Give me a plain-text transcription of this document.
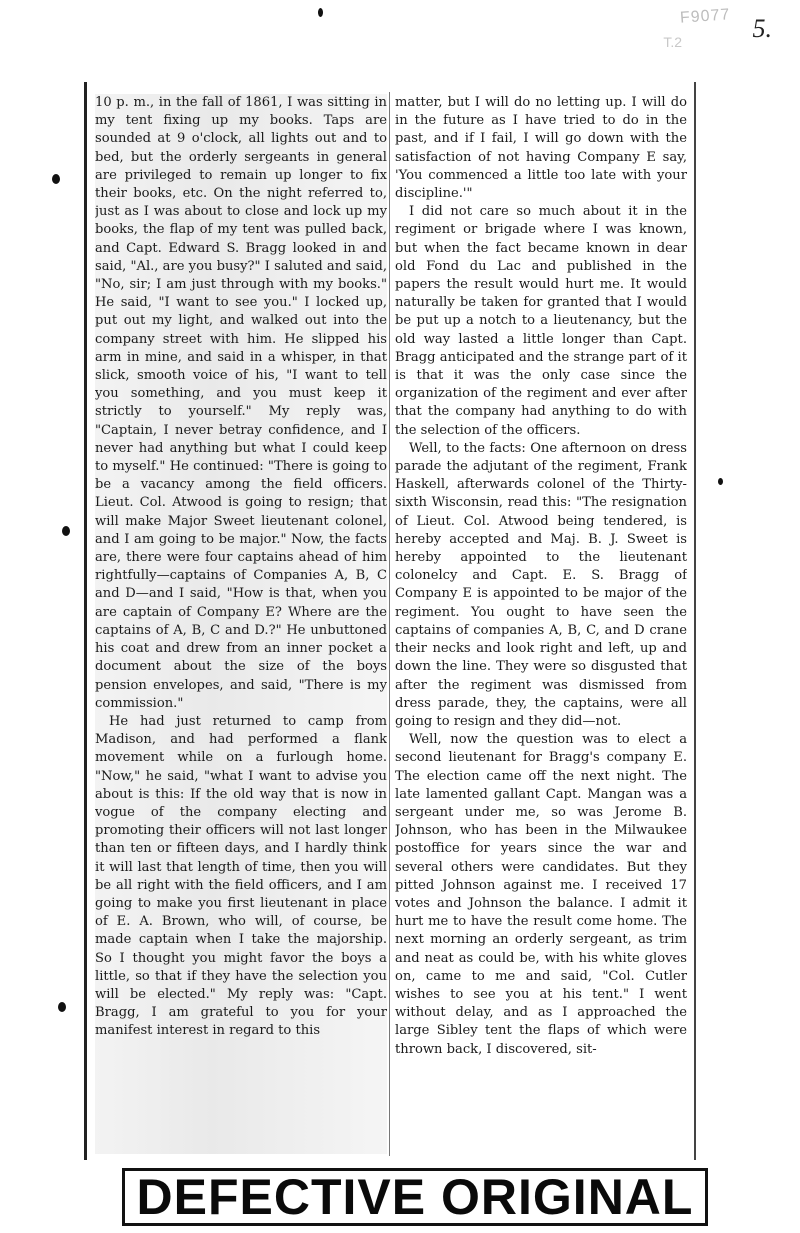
F9077
T.2	5.

10 p. m., in the fall of 1861, I was sitting in my tent fixing up my books. Taps are sounded at 9 o'clock, all lights out and to bed, but the orderly sergeants in general are privileged to remain up longer to fix their books, etc. On the night referred to, just as I was about to close and lock up my books, the flap of my tent was pulled back, and Capt. Edward S. Bragg looked in and said, "Al., are you busy?" I saluted and said, "No, sir; I am just through with my books." He said, "I want to see you." I locked up, put out my light, and walked out into the company street with him. He slipped his arm in mine, and said in a whisper, in that slick, smooth voice of his, "I want to tell you something, and you must keep it strictly to yourself." My reply was, "Captain, I never betray confidence, and I never had anything but what I could keep to myself." He continued: "There is going to be a vacancy among the field officers. Lieut. Col. Atwood is going to resign; that will make Major Sweet lieutenant colonel, and I am going to be major." Now, the facts are, there were four captains ahead of him rightfully—captains of Companies A, B, C and D—and I said, "How is that, when you are captain of Company E? Where are the captains of A, B, C and D.?" He unbuttoned his coat and drew from an inner pocket a document about the size of the boys pension envelopes, and said, "There is my commission."

He had just returned to camp from Madison, and had performed a flank movement while on a furlough home. "Now," he said, "what I want to advise you about is this: If the old way that is now in vogue of the company electing and promoting their officers will not last longer than ten or fifteen days, and I hardly think it will last that length of time, then you will be all right with the field officers, and I am going to make you first lieutenant in place of E. A. Brown, who will, of course, be made captain when I take the majorship. So I thought you might favor the boys a little, so that if they have the selection you will be elected." My reply was: "Capt. Bragg, I am grateful to you for your manifest interest in regard to this

matter, but I will do no letting up. I will do in the future as I have tried to do in the past, and if I fail, I will go down with the satisfaction of not having Company E say, 'You commenced a little too late with your discipline.'"

I did not care so much about it in the regiment or brigade where I was known, but when the fact became known in dear old Fond du Lac and published in the papers the result would hurt me. It would naturally be taken for granted that I would be put up a notch to a lieutenancy, but the old way lasted a little longer than Capt. Bragg anticipated and the strange part of it is that it was the only case since the organization of the regiment and ever after that the company had anything to do with the selection of the officers.

Well, to the facts: One afternoon on dress parade the adjutant of the regiment, Frank Haskell, afterwards colonel of the Thirty-sixth Wisconsin, read this: "The resignation of Lieut. Col. Atwood being tendered, is hereby accepted and Maj. B. J. Sweet is hereby appointed to the lieutenant colonelcy and Capt. E. S. Bragg of Company E is appointed to be major of the regiment. You ought to have seen the captains of companies A, B, C, and D crane their necks and look right and left, up and down the line. They were so disgusted that after the regiment was dismissed from dress parade, they, the captains, were all going to resign and they did—not.

Well, now the question was to elect a second lieutenant for Bragg's company E. The election came off the next night. The late lamented gallant Capt. Mangan was a sergeant under me, so was Jerome B. Johnson, who has been in the Milwaukee postoffice for years since the war and several others were candidates. But they pitted Johnson against me. I received 17 votes and Johnson the balance. I admit it hurt me to have the result come home. The next morning an orderly sergeant, as trim and neat as could be, with his white gloves on, came to me and said, "Col. Cutler wishes to see you at his tent." I went without delay, and as I approached the large Sibley tent the flaps of which were thrown back, I discovered, sit-

DEFECTIVE ORIGINAL
